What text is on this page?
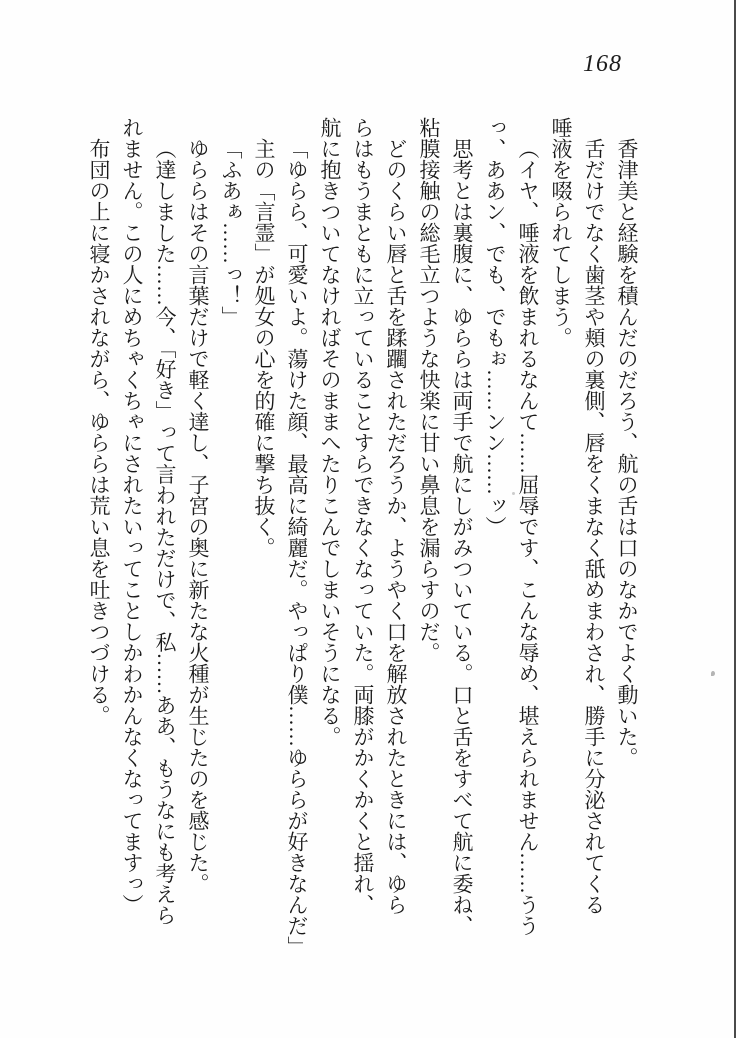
168
香津美と経験を積んだのだろう、航の舌は口のなかでよく動いた。
舌だけでなく歯茎や頬の裏側、唇をくまなく舐めまわされ、勝手に分泌されてくる
唾液を啜られてしまう。
（イヤ、唾液を飲まれるなんて……屈辱です、こんな辱め、堪えられません……うう
っ、ああン、でも、でもぉ……ンン……ッ）
思考とは裏腹に、ゆららは両手で航にしがみついている。口と舌をすべて航に委ね、
粘膜接触の総毛立つような快楽に甘い鼻息を漏らすのだ。
どのくらい唇と舌を蹂躙されただろうか、ようやく口を解放されたときには、ゆら
らはもうまともに立っていることすらできなくなっていた。両膝がかくかくと揺れ、
航に抱きついてなければそのままへたりこんでしまいそうになる。
「ゆらら、可愛いよ。蕩けた顔、最高に綺麗だ。やっぱり僕……ゆららが好きなんだ」
主の「言霊」が処女の心を的確に撃ち抜く。
「ふあぁ……っ！」
ゆららはその言葉だけで軽く達し、子宮の奥に新たな火種が生じたのを感じた。
（達しました……今、「好き」って言われただけで、私……ああ、もうなにも考えら
れません。この人にめちゃくちゃにされたいってことしかわかんなくなってますっ）
布団の上に寝かされながら、ゆららは荒い息を吐きつづける。
